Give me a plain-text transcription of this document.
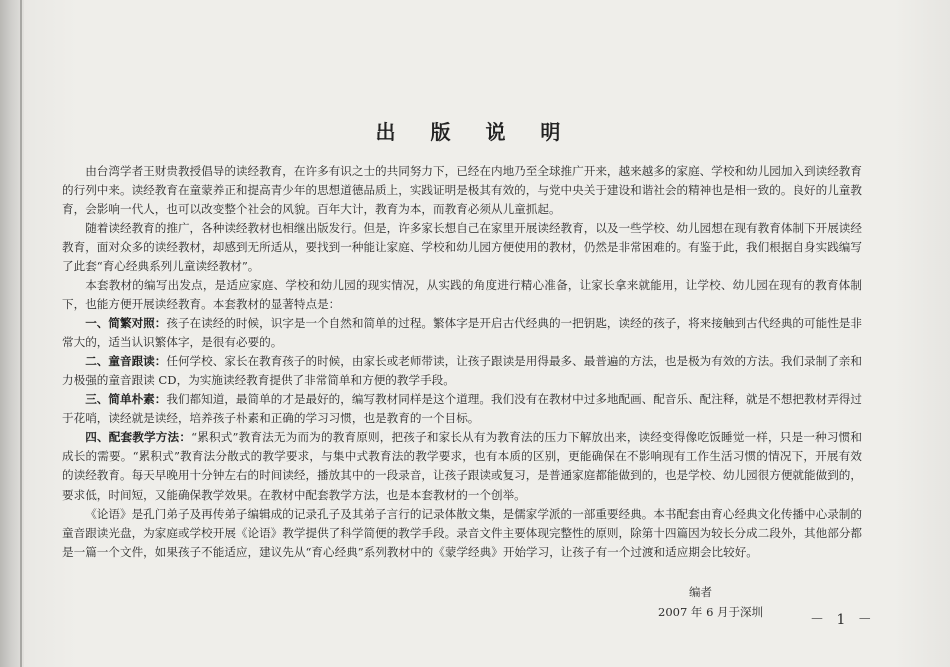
出 版 说 明

由台湾学者王财贵教授倡导的读经教育，在许多有识之士的共同努力下，已经在内地乃至全球推广开来，越来越多的家庭、学校和幼儿园加入到读经教育的行列中来。读经教育在童蒙养正和提高青少年的思想道德品质上，实践证明是极其有效的，与党中央关于建设和谐社会的精神也是相一致的。良好的儿童教育，会影响一代人，也可以改变整个社会的风貌。百年大计，教育为本，而教育必须从儿童抓起。

随着读经教育的推广，各种读经教材也相继出版发行。但是，许多家长想自己在家里开展读经教育，以及一些学校、幼儿园想在现有教育体制下开展读经教育，面对众多的读经教材，却感到无所适从，要找到一种能让家庭、学校和幼儿园方便使用的教材，仍然是非常困难的。有鉴于此，我们根据自身实践编写了此套“育心经典系列儿童读经教材”。

本套教材的编写出发点，是适应家庭、学校和幼儿园的现实情况，从实践的角度进行精心准备，让家长拿来就能用，让学校、幼儿园在现有的教育体制下，也能方便开展读经教育。本套教材的显著特点是：

一、简繁对照：孩子在读经的时候，识字是一个自然和简单的过程。繁体字是开启古代经典的一把钥匙，读经的孩子，将来接触到古代经典的可能性是非常大的，适当认识繁体字，是很有必要的。

二、童音跟读：任何学校、家长在教育孩子的时候，由家长或老师带读，让孩子跟读是用得最多、最普遍的方法，也是极为有效的方法。我们录制了亲和力极强的童音跟读 CD，为实施读经教育提供了非常简单和方便的教学手段。

三、简单朴素：我们都知道，最简单的才是最好的，编写教材同样是这个道理。我们没有在教材中过多地配画、配音乐、配注释，就是不想把教材弄得过于花哨，读经就是读经，培养孩子朴素和正确的学习习惯，也是教育的一个目标。

四、配套教学方法：“累积式”教育法无为而为的教育原则，把孩子和家长从有为教育法的压力下解放出来，读经变得像吃饭睡觉一样，只是一种习惯和成长的需要。“累积式”教育法分散式的教学要求，与集中式教育法的教学要求，也有本质的区别，更能确保在不影响现有工作生活习惯的情况下，开展有效的读经教育。每天早晚用十分钟左右的时间读经，播放其中的一段录音，让孩子跟读或复习，是普通家庭都能做到的，也是学校、幼儿园很方便就能做到的，要求低，时间短，又能确保教学效果。在教材中配套教学方法，也是本套教材的一个创举。

《论语》是孔门弟子及再传弟子编辑成的记录孔子及其弟子言行的记录体散文集，是儒家学派的一部重要经典。本书配套由育心经典文化传播中心录制的童音跟读光盘，为家庭或学校开展《论语》教学提供了科学简便的教学手段。录音文件主要体现完整性的原则，除第十四篇因为较长分成二段外，其他部分都是一篇一个文件，如果孩子不能适应，建议先从“育心经典”系列教材中的《蒙学经典》开始学习，让孩子有一个过渡和适应期会比较好。

编者
2007 年 6 月于深圳	－ 1 －
